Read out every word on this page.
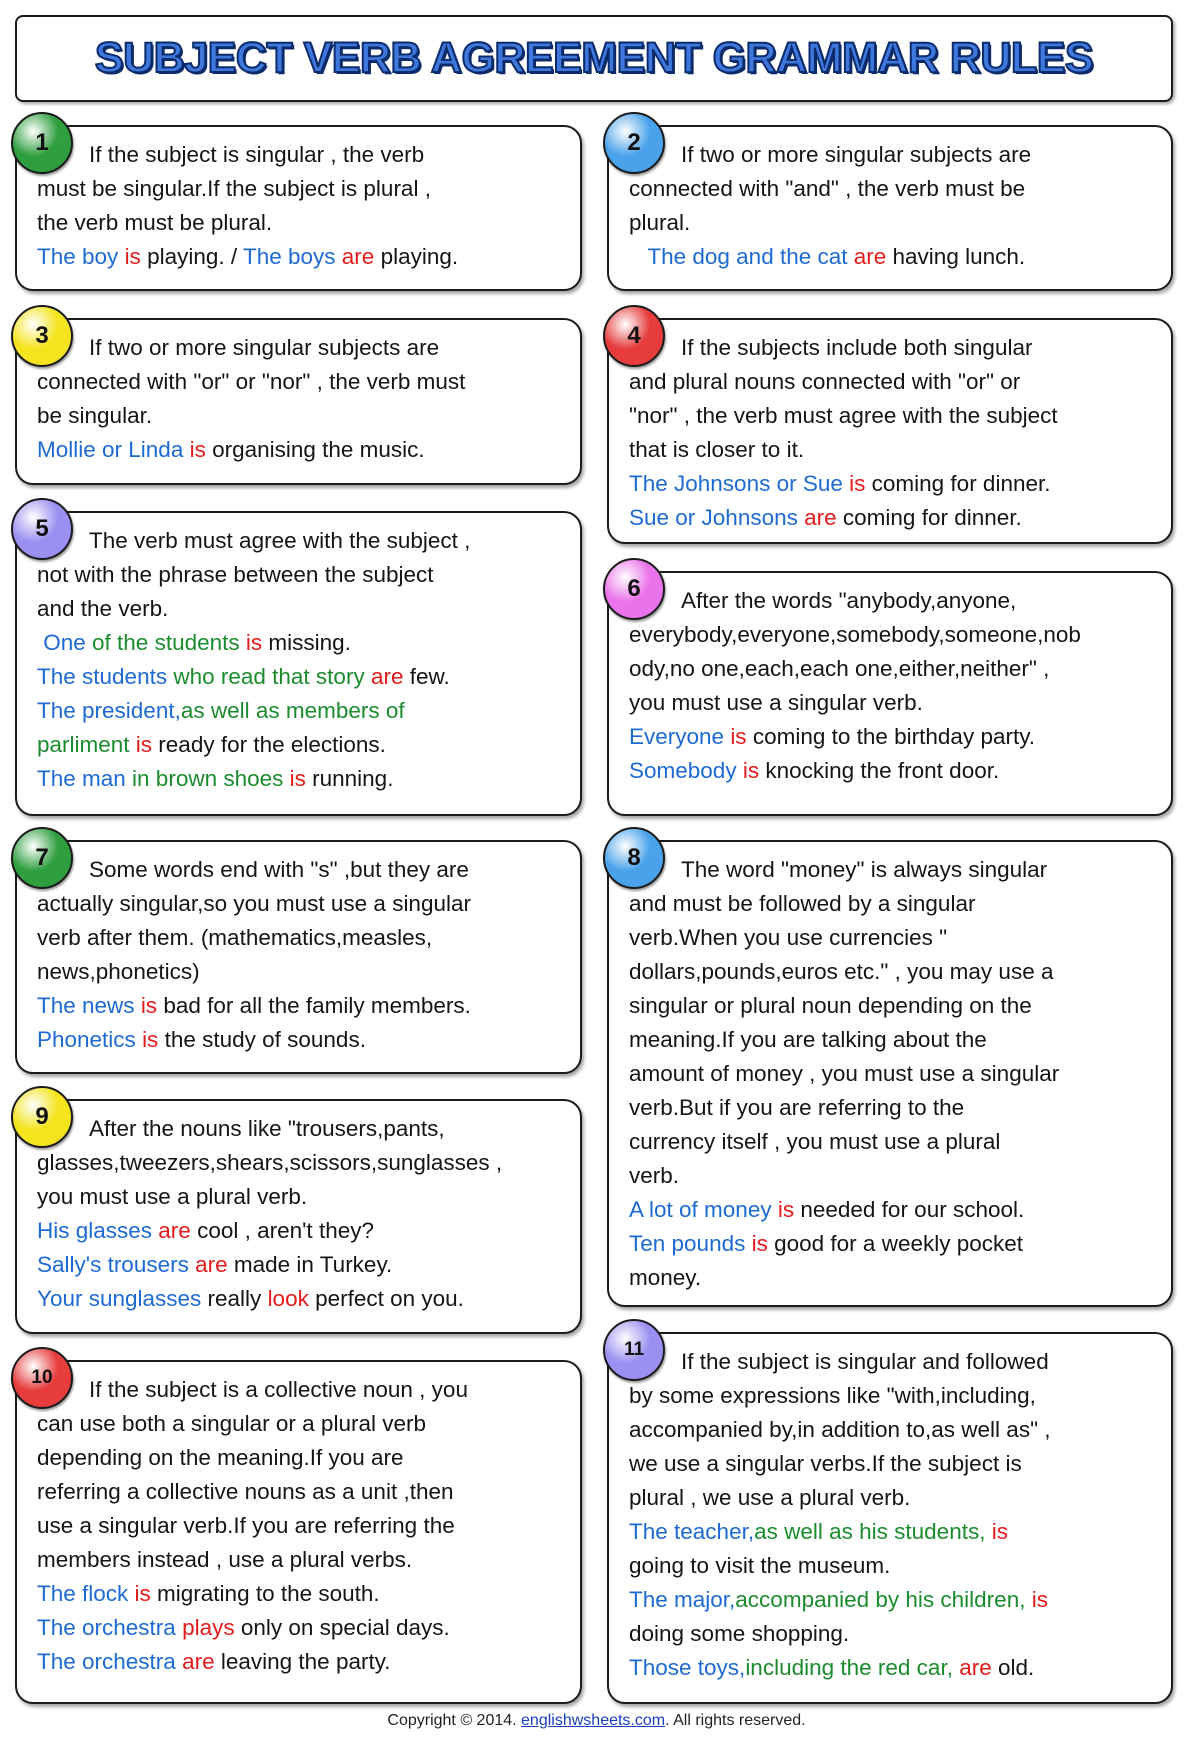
SUBJECT VERB AGREEMENT GRAMMAR RULES
1	If the subject is singular , the verb
must be singular.If the subject is plural ,
the verb must be plural.
The boy is playing. / The boys are playing.
2	If two or more singular subjects are
connected with "and" , the verb must be
plural.
The dog and the cat are having lunch.
3	If two or more singular subjects are
connected with "or" or "nor" , the verb must
be singular.
Mollie or Linda is organising the music.
4	If the subjects include both singular
and plural nouns connected with "or" or
"nor" , the verb must agree with the subject
that is closer to it.
The Johnsons or Sue is coming for dinner.
Sue or Johnsons are coming for dinner.
5	The verb must agree with the subject ,
not with the phrase between the subject
and the verb.
One of the students is missing.
The students who read that story are few.
The president,as well as members of
parliment is ready for the elections.
The man in brown shoes is running.
6	After the words "anybody,anyone,
everybody,everyone,somebody,someone,nob
ody,no one,each,each one,either,neither" ,
you must use a singular verb.
Everyone is coming to the birthday party.
Somebody is knocking the front door.
7	Some words end with "s" ,but they are
actually singular,so you must use a singular
verb after them. (mathematics,measles,
news,phonetics)
The news is bad for all the family members.
Phonetics is the study of sounds.
8	The word "money" is always singular
and must be followed by a singular
verb.When you use currencies "
dollars,pounds,euros etc." , you may use a
singular or plural noun depending on the
meaning.If you are talking about the
amount of money , you must use a singular
verb.But if you are referring to the
currency itself , you must use a plural
verb.
A lot of money is needed for our school.
Ten pounds is good for a weekly pocket
money.
9	After the nouns like "trousers,pants,
glasses,tweezers,shears,scissors,sunglasses ,
you must use a plural verb.
His glasses are cool , aren't they?
Sally's trousers are made in Turkey.
Your sunglasses really look perfect on you.
10	If the subject is a collective noun , you
can use both a singular or a plural verb
depending on the meaning.If you are
referring a collective nouns as a unit ,then
use a singular verb.If you are referring the
members instead , use a plural verbs.
The flock is migrating to the south.
The orchestra plays only on special days.
The orchestra are leaving the party.
11	If the subject is singular and followed
by some expressions like "with,including,
accompanied by,in addition to,as well as" ,
we use a singular verbs.If the subject is
plural , we use a plural verb.
The teacher,as well as his students, is
going to visit the museum.
The major,accompanied by his children, is
doing some shopping.
Those toys,including the red car, are old.
Copyright © 2014. englishwsheets.com. All rights reserved.
